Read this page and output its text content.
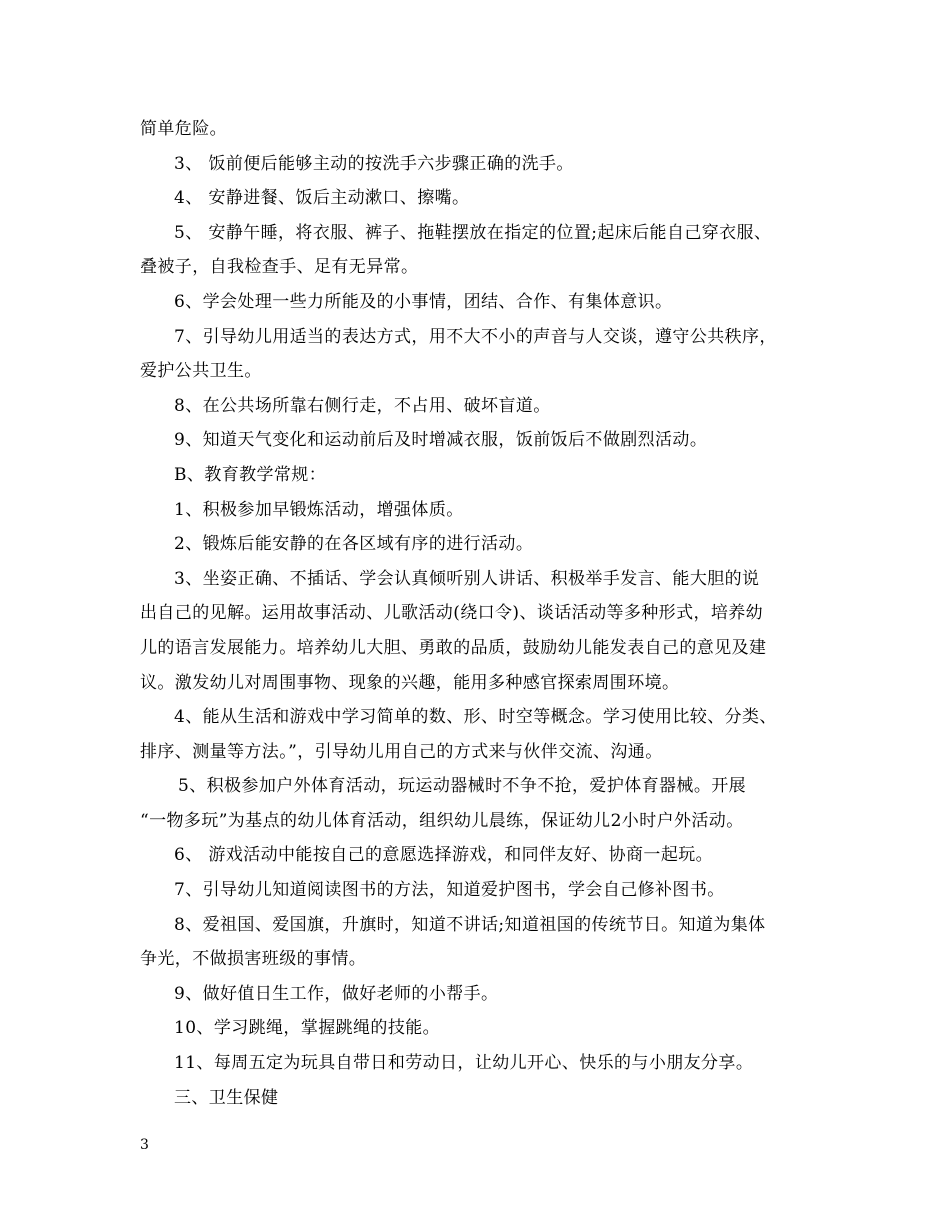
简单危险。
3、 饭前便后能够主动的按洗手六步骤正确的洗手。
4、 安静进餐、饭后主动漱口、擦嘴。
5、 安静午睡，将衣服、裤子、拖鞋摆放在指定的位置;起床后能自己穿衣服、
叠被子，自我检查手、足有无异常。
6、学会处理一些力所能及的小事情，团结、合作、有集体意识。
7、引导幼儿用适当的表达方式，用不大不小的声音与人交谈，遵守公共秩序，
爱护公共卫生。
8、在公共场所靠右侧行走，不占用、破坏盲道。
9、知道天气变化和运动前后及时增减衣服，饭前饭后不做剧烈活动。
B、教育教学常规：
1、积极参加早锻炼活动，增强体质。
2、锻炼后能安静的在各区域有序的进行活动。
3、坐姿正确、不插话、学会认真倾听别人讲话、积极举手发言、能大胆的说
出自己的见解。运用故事活动、儿歌活动(绕口令)、谈话活动等多种形式，培养幼
儿的语言发展能力。培养幼儿大胆、勇敢的品质，鼓励幼儿能发表自己的意见及建
议。激发幼儿对周围事物、现象的兴趣，能用多种感官探索周围环境。
4、能从生活和游戏中学习简单的数、形、时空等概念。学习使用比较、分类、
排序、测量等方法。”，引导幼儿用自己的方式来与伙伴交流、沟通。
5、积极参加户外体育活动，玩运动器械时不争不抢，爱护体育器械。开展
“一物多玩”为基点的幼儿体育活动，组织幼儿晨练，保证幼儿2小时户外活动。
6、 游戏活动中能按自己的意愿选择游戏，和同伴友好、协商一起玩。
7、引导幼儿知道阅读图书的方法，知道爱护图书，学会自己修补图书。
8、爱祖国、爱国旗，升旗时，知道不讲话;知道祖国的传统节日。知道为集体
争光，不做损害班级的事情。
9、做好值日生工作，做好老师的小帮手。
10、学习跳绳，掌握跳绳的技能。
11、每周五定为玩具自带日和劳动日，让幼儿开心、快乐的与小朋友分享。
三、卫生保健
3
